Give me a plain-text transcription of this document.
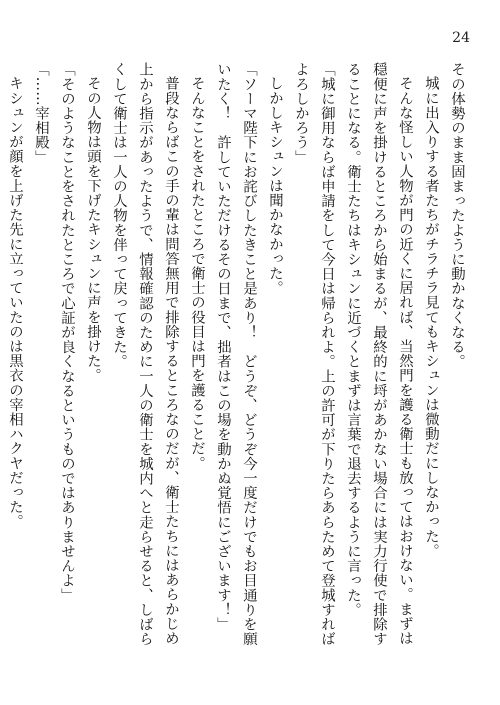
24
その体勢のまま固まったように動かなくなる。
城に出入りする者たちがチラチラ見てもキシュンは微動だにしなかった。
そんな怪しい人物が門の近くに居れば、当然門を護る衛士も放ってはおけない。まずは
穏便に声を掛けるところから始まるが、最終的に埒があかない場合には実力行使で排除す
ることになる。衛士たちはキシュンに近づくとまずは言葉で退去するように言った。
「城に御用ならば申請をして今日は帰られよ。上の許可が下りたらあらためて登城すれば
よろしかろう」
しかしキシュンは聞かなかった。
「ソーマ陛下にお詫びしたきこと是あり！　どうぞ、どうぞ今一度だけでもお目通りを願
いたく！　許していただけるその日まで、拙者はこの場を動かぬ覚悟にございます！」
そんなことをされたところで衛士の役目は門を護ることだ。
普段ならばこの手の輩は問答無用で排除するところなのだが、衛士たちにはあらかじめ
上から指示があったようで、情報確認のために一人の衛士を城内へと走らせると、しばら
くして衛士は一人の人物を伴って戻ってきた。
その人物は頭を下げたキシュンに声を掛けた。
「そのようなことをされたところで心証が良くなるというものではありませんよ」
「……宰相殿」
キシュンが顔を上げた先に立っていたのは黒衣の宰相ハクヤだった。
